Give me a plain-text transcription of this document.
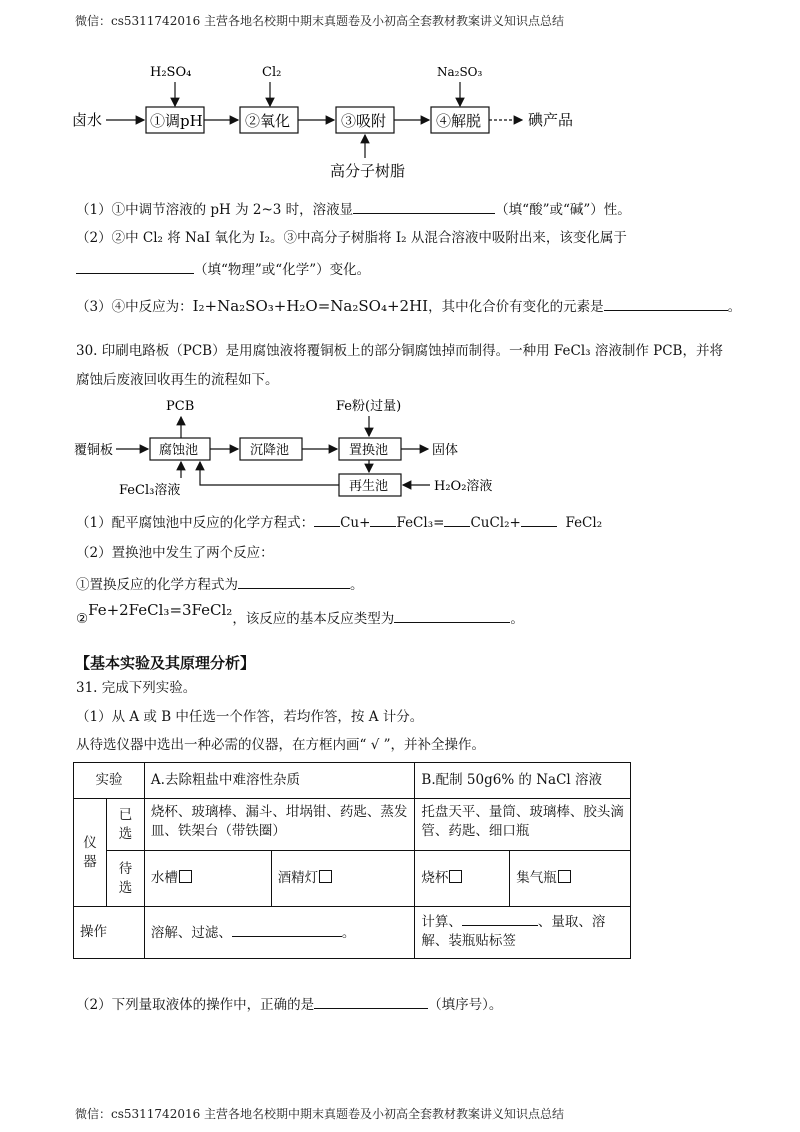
微信：cs5311742016 主营各地名校期中期末真题卷及小初高全套教材教案讲义知识点总结
H₂SO₄	Cl₂	Na₂SO₃
卤水	①调pH	②氧化	③吸附	④解脱	碘产品
高分子树脂
（1）①中调节溶液的 pH 为 2~3 时，溶液显	（填“酸”或“碱”）性。
（2）②中 Cl₂ 将 NaI 氧化为 I₂。③中高分子树脂将 I₂ 从混合溶液中吸附出来，该变化属于
（填“物理”或“化学”）变化。
（3）④中反应为：I₂+Na₂SO₃+H₂O=Na₂SO₄+2HI，其中化合价有变化的元素是	。
30. 印刷电路板（PCB）是用腐蚀液将覆铜板上的部分铜腐蚀掉而制得。一种用 FeCl₃ 溶液制作 PCB，并将
腐蚀后废液回收再生的流程如下。
PCB	Fe粉(过量)
覆铜板	腐蚀池	沉降池	置换池	固体
再生池	H₂O₂溶液
FeCl₃溶液
（1）配平腐蚀池中反应的化学方程式： Cu+ FeCl₃= CuCl₂+	FeCl₂
（2）置换池中发生了两个反应：
①置换反应的化学方程式为	。
②Fe+2FeCl₃=3FeCl₂，该反应的基本反应类型为	。
【基本实验及其原理分析】
31. 完成下列实验。
（1）从 A 或 B 中任选一个作答，若均作答，按 A 计分。
从待选仪器中选出一种必需的仪器，在方框内画“ √ ”，并补全操作。
实验		A.去除粗盐中难溶性杂质		B.配制 50g6% 的 NaCl 溶液	
仪器	已选	烧杯、玻璃棒、漏斗、坩埚钳、药匙、蒸发皿、铁架台（带铁圈）		托盘天平、量筒、玻璃棒、胶头滴管、药匙、细口瓶	
	待选	水槽	酒精灯	烧杯	集气瓶
操作		溶解、过滤、 。		计算、 、量取、溶解、装瓶贴标签	
（2）下列量取液体的操作中，正确的是	（填序号）。
微信：cs5311742016 主营各地名校期中期末真题卷及小初高全套教材教案讲义知识点总结
